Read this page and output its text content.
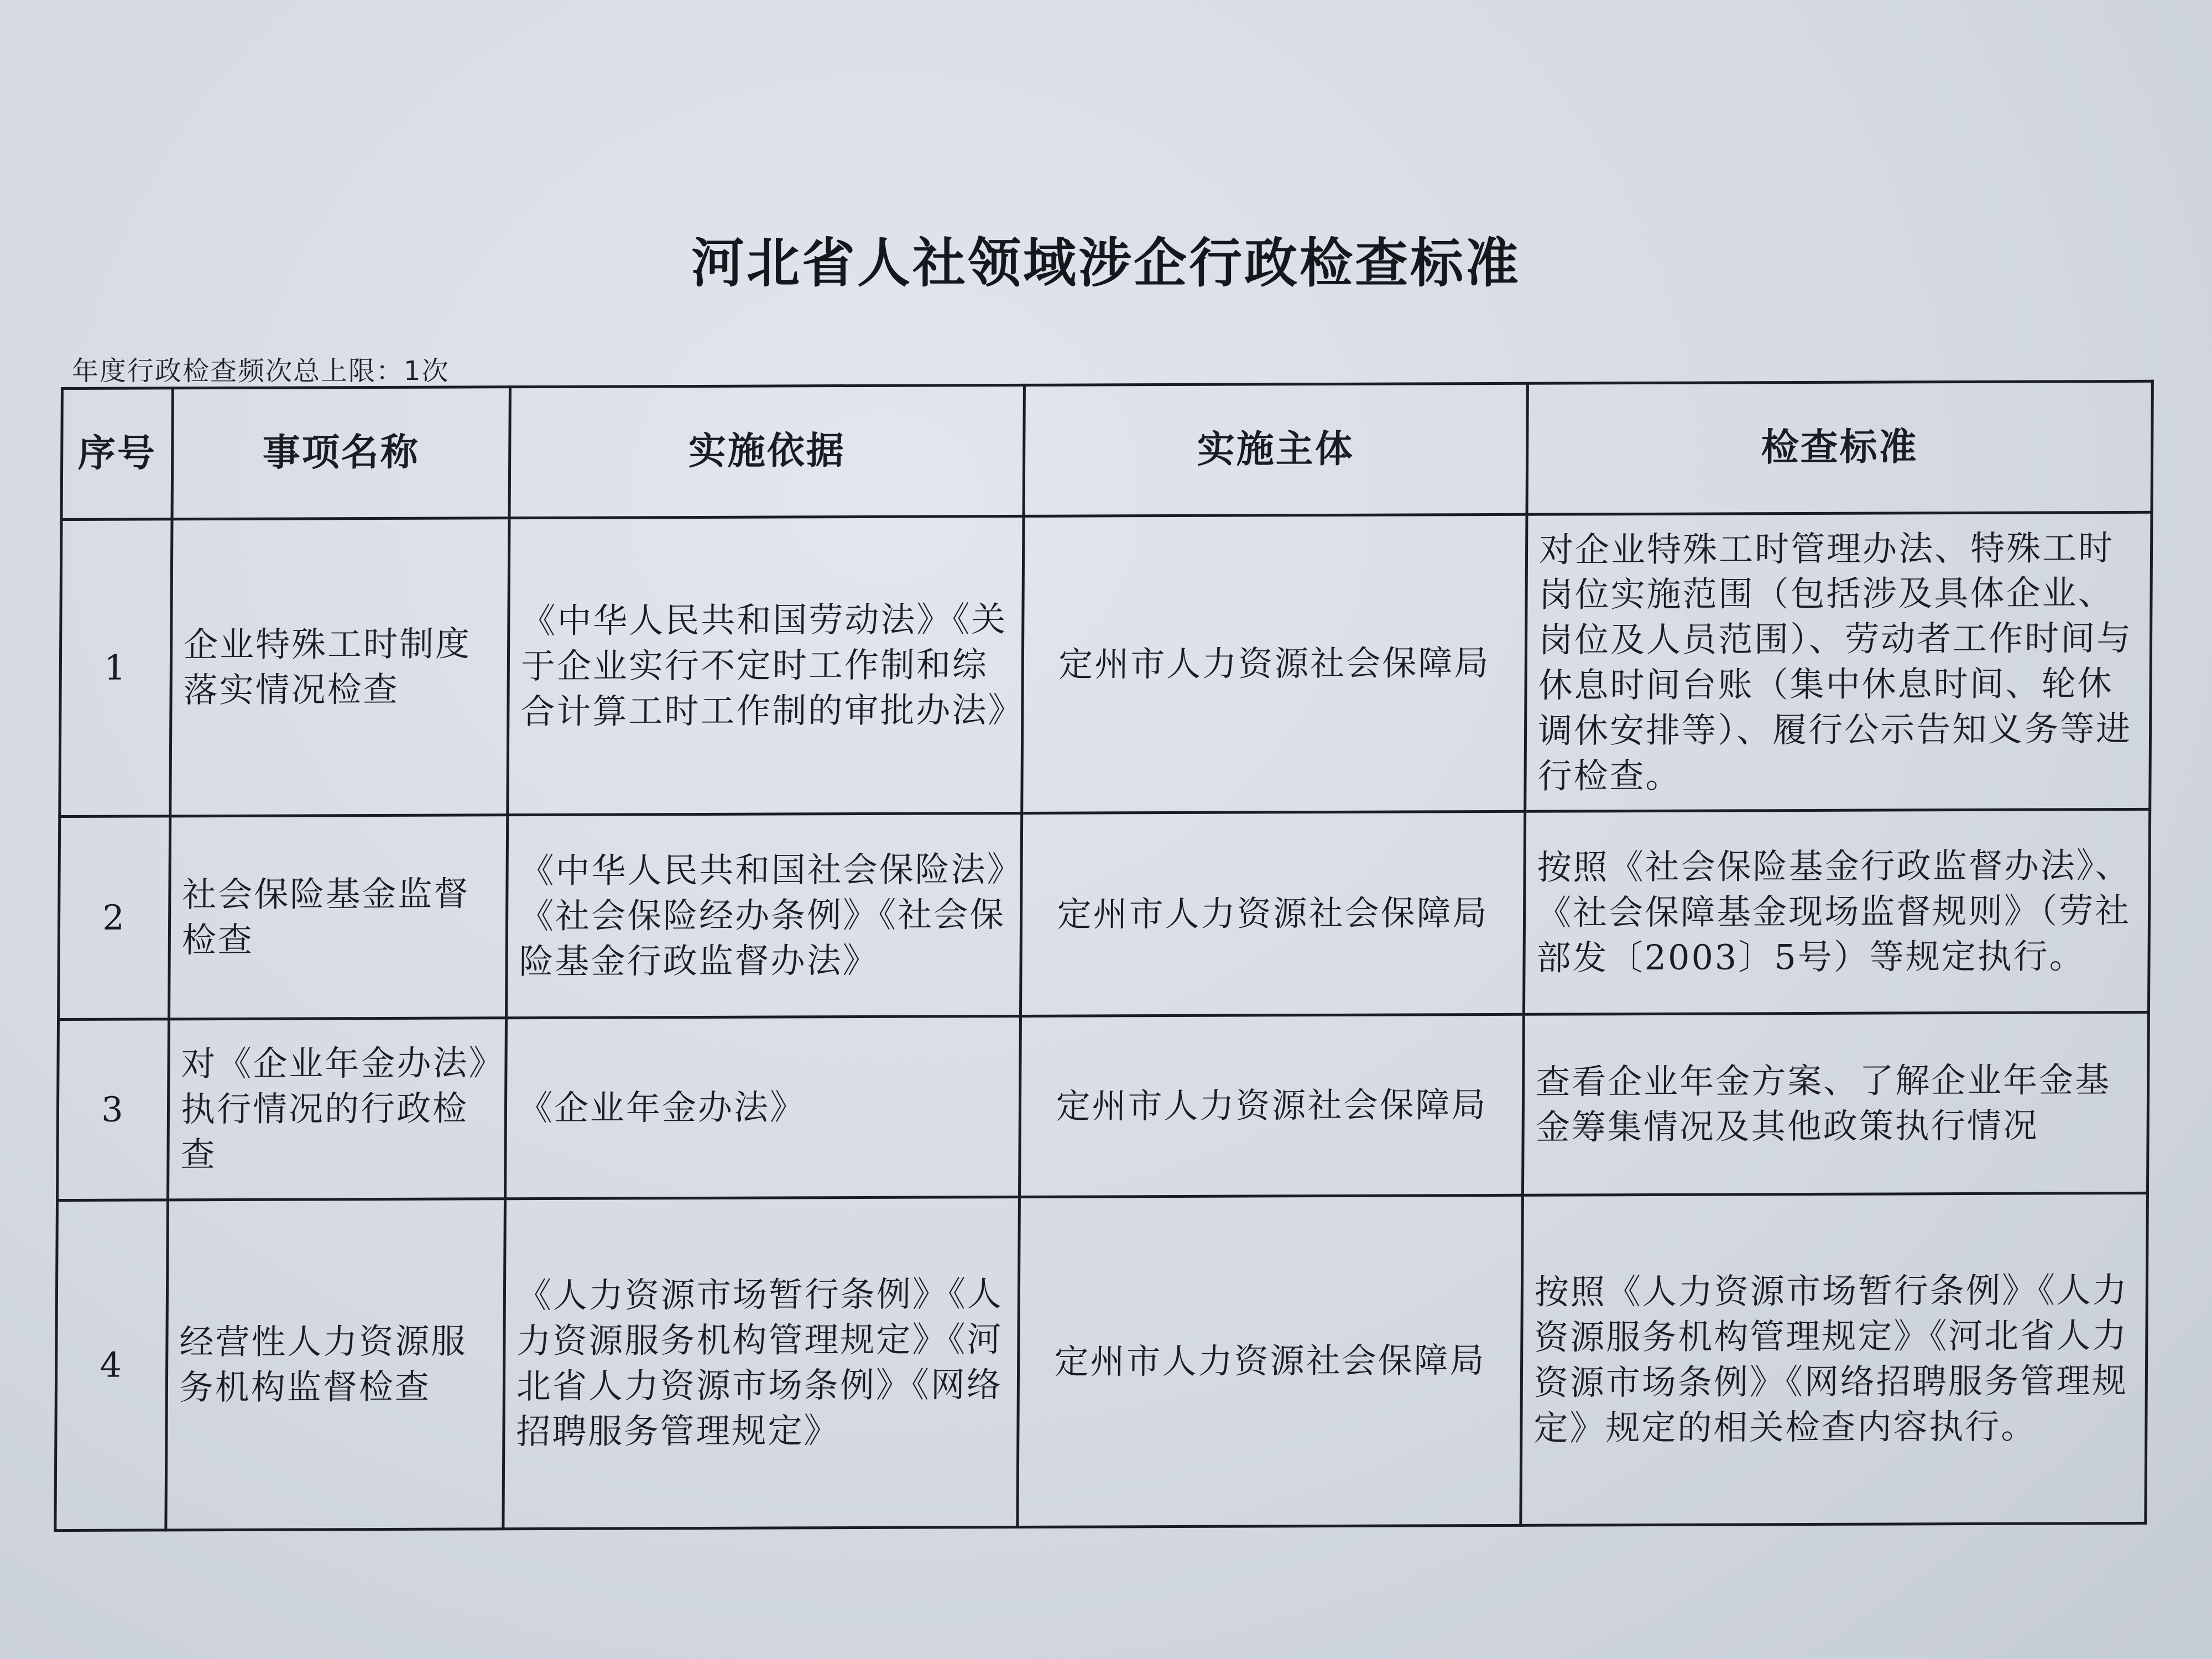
河北省人社领域涉企行政检查标准
年度行政检查频次总上限：1次
序号	事项名称	实施依据	实施主体	检查标准
1	企业特殊工时制度落实情况检查	《中华人民共和国劳动法》《关于企业实行不定时工作制和综合计算工时工作制的审批办法》	定州市人力资源社会保障局	对企业特殊工时管理办法、特殊工时岗位实施范围（包括涉及具体企业、岗位及人员范围）、劳动者工作时间与休息时间台账（集中休息时间、轮休调休安排等）、履行公示告知义务等进行检查。
2	社会保险基金监督检查	《中华人民共和国社会保险法》《社会保险经办条例》《社会保险基金行政监督办法》	定州市人力资源社会保障局	按照《社会保险基金行政监督办法》、《社会保障基金现场监督规则》（劳社部发〔2003〕5号）等规定执行。
3	对《企业年金办法》执行情况的行政检查	《企业年金办法》	定州市人力资源社会保障局	查看企业年金方案、了解企业年金基金筹集情况及其他政策执行情况
4	经营性人力资源服务机构监督检查	《人力资源市场暂行条例》《人力资源服务机构管理规定》《河北省人力资源市场条例》《网络招聘服务管理规定》	定州市人力资源社会保障局	按照《人力资源市场暂行条例》《人力资源服务机构管理规定》《河北省人力资源市场条例》《网络招聘服务管理规定》规定的相关检查内容执行。
